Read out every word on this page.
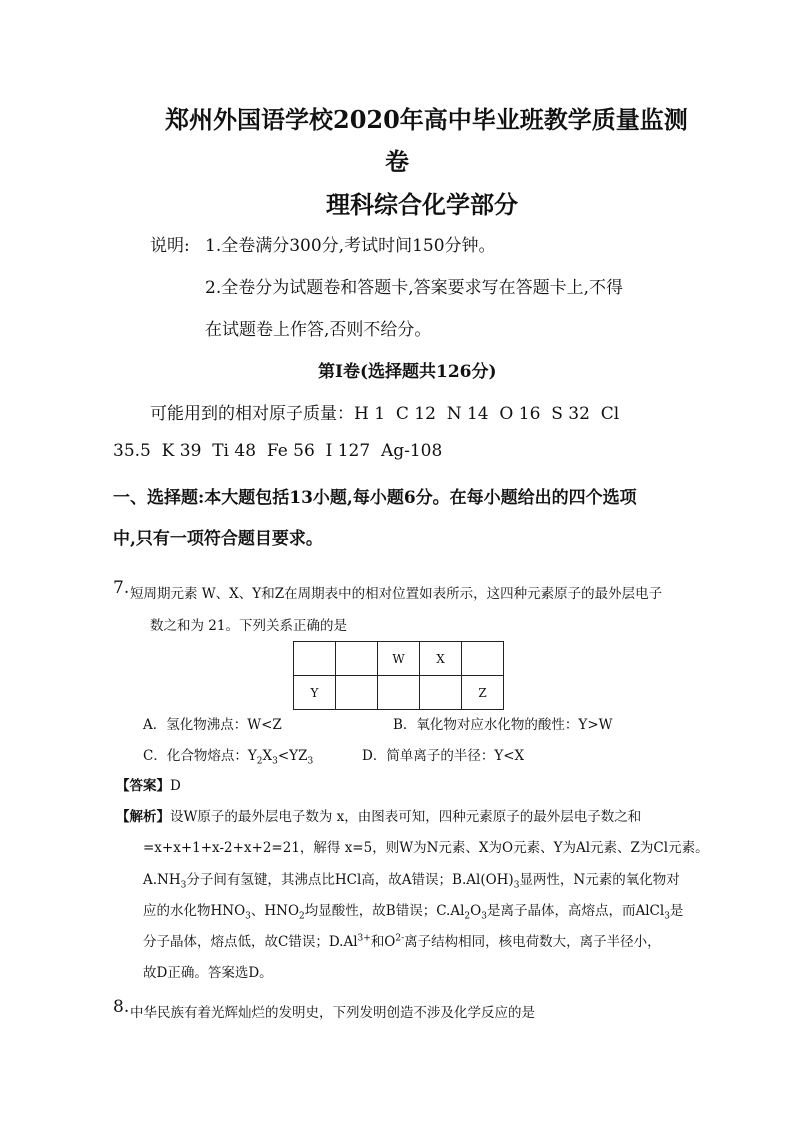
郑州外国语学校2020年高中毕业班教学质量监测
卷
理科综合化学部分
说明: 1.全卷满分300分,考试时间150分钟。
2.全卷分为试题卷和答题卡,答案要求写在答题卡上,不得
在试题卷上作答,否则不给分。
第Ⅰ卷(选择题共126分)
可能用到的相对原子质量：H 1  C 12  N 14  O 16  S 32  Cl
35.5  K 39  Ti 48  Fe 56  I 127  Ag-108
一、选择题:本大题包括13小题,每小题6分。在每小题给出的四个选项
中,只有一项符合题目要求。
7. 短周期元素 W、X、Y和Z在周期表中的相对位置如表所示，这四种元素原子的最外层电子
数之和为 21。下列关系正确的是
		W	X	
Y				Z
A．氢化物沸点：W<Z	B．氧化物对应水化物的酸性：Y>W
C．化合物熔点：$Y_2X_3<YZ_3$	D．简单离子的半径：Y<X
【答案】D
【解析】设W原子的最外层电子数为 x，由图表可知，四种元素原子的最外层电子数之和
=x+x+1+x-2+x+2=21，解得 x=5，则W为N元素、X为O元素、Y为Al元素、Z为Cl元素。
$A.NH_3$分子间有氢键，其沸点比HCl高，故A错误；$B.Al(OH)_3$显两性，N元素的氧化物对
应的水化物$HNO_3$、$HNO_2$均显酸性，故B错误；$C.Al_2O_3$是离子晶体，高熔点，而AlCl$_3$是
分子晶体，熔点低，故C错误；$D.Al^{3+}$和$O^{2-}$离子结构相同，核电荷数大，离子半径小，
故D正确。答案选D。
8. 中华民族有着光辉灿烂的发明史，下列发明创造不涉及化学反应的是
